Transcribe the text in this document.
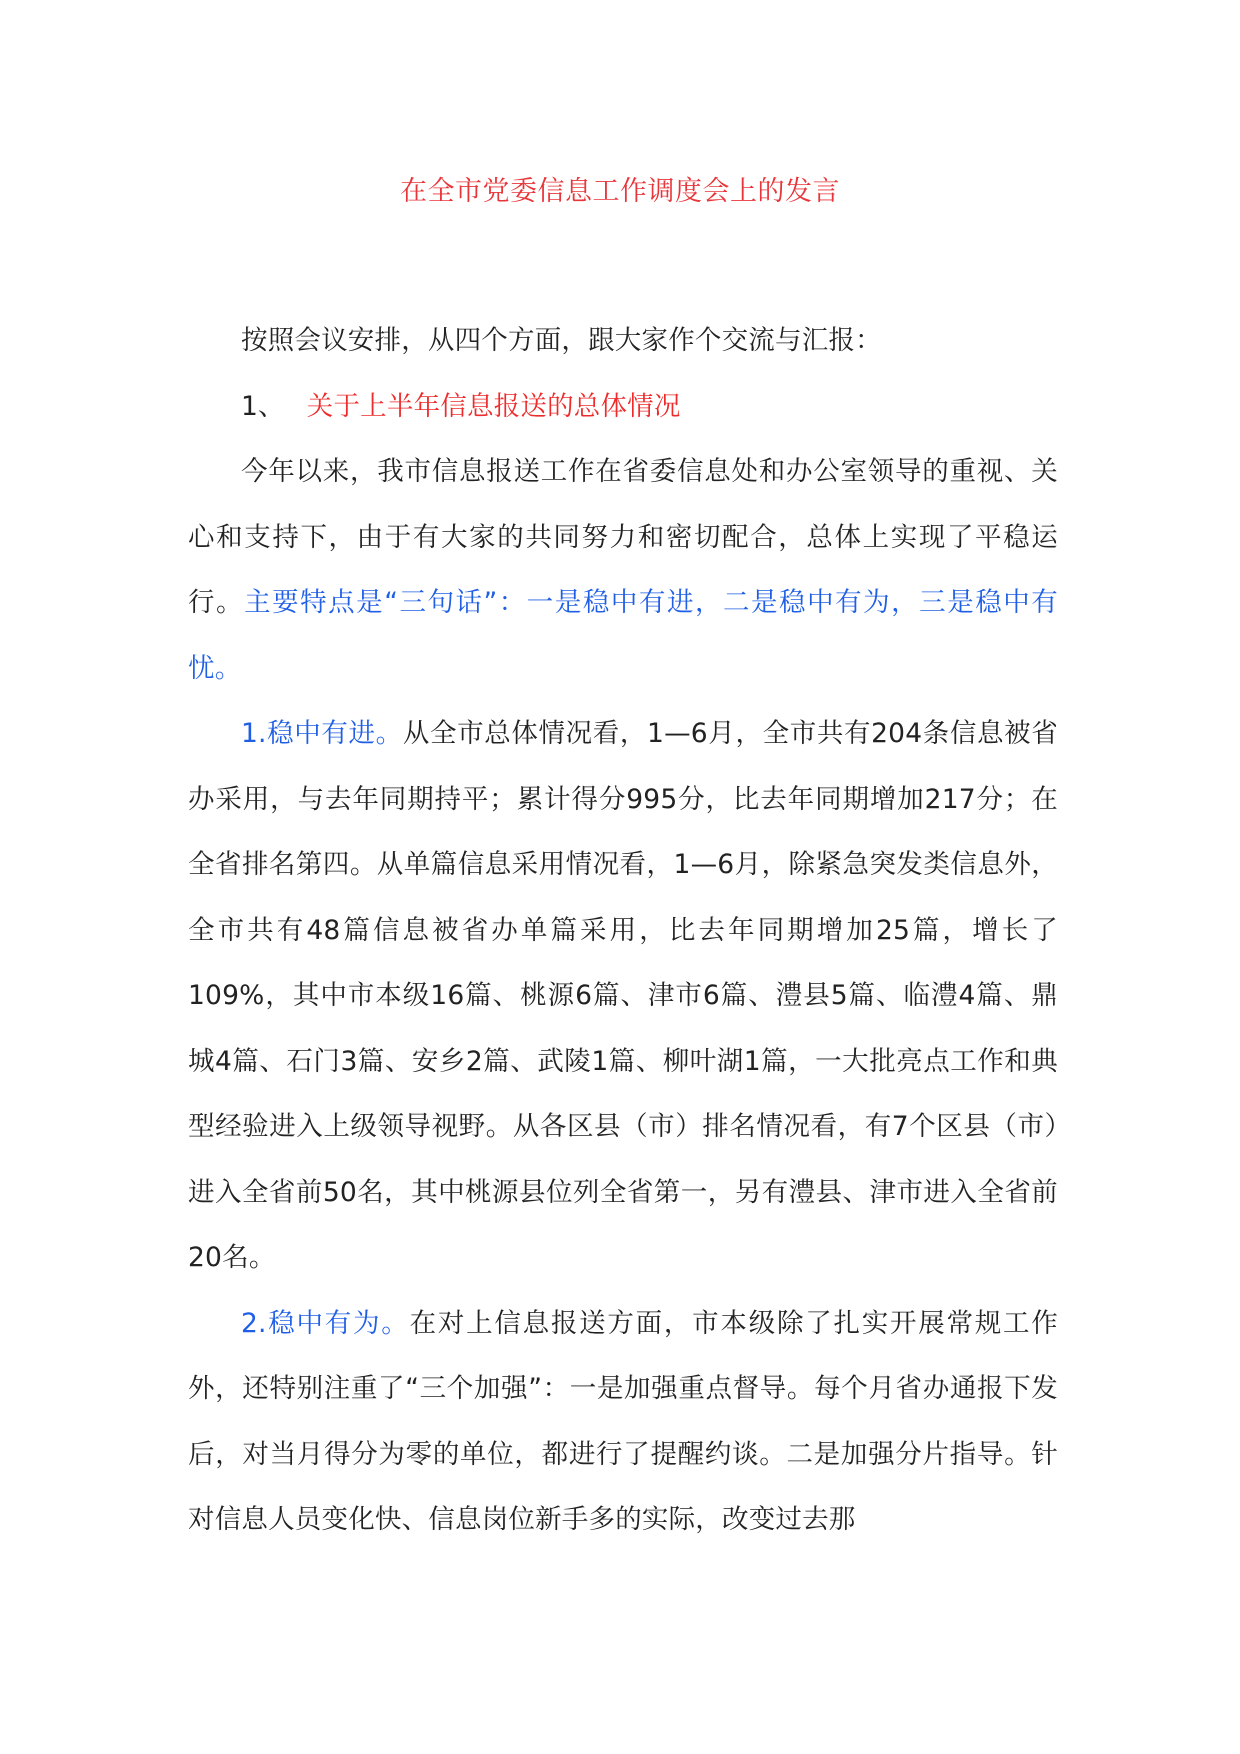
在全市党委信息工作调度会上的发言

按照会议安排，从四个方面，跟大家作个交流与汇报：

1、 关于上半年信息报送的总体情况

今年以来，我市信息报送工作在省委信息处和办公室领导的重视、关心和支持下，由于有大家的共同努力和密切配合，总体上实现了平稳运行。主要特点是“三句话”：一是稳中有进，二是稳中有为，三是稳中有忧。

1.稳中有进。从全市总体情况看，1—6月，全市共有204条信息被省办采用，与去年同期持平；累计得分995分，比去年同期增加217分；在全省排名第四。从单篇信息采用情况看，1—6月，除紧急突发类信息外，全市共有48篇信息被省办单篇采用，比去年同期增加25篇，增长了109%，其中市本级16篇、桃源6篇、津市6篇、澧县5篇、临澧4篇、鼎城4篇、石门3篇、安乡2篇、武陵1篇、柳叶湖1篇，一大批亮点工作和典型经验进入上级领导视野。从各区县（市）排名情况看，有7个区县（市）进入全省前50名，其中桃源县位列全省第一，另有澧县、津市进入全省前20名。

2.稳中有为。在对上信息报送方面，市本级除了扎实开展常规工作外，还特别注重了“三个加强”：一是加强重点督导。每个月省办通报下发后，对当月得分为零的单位，都进行了提醒约谈。二是加强分片指导。针对信息人员变化快、信息岗位新手多的实际，改变过去那
